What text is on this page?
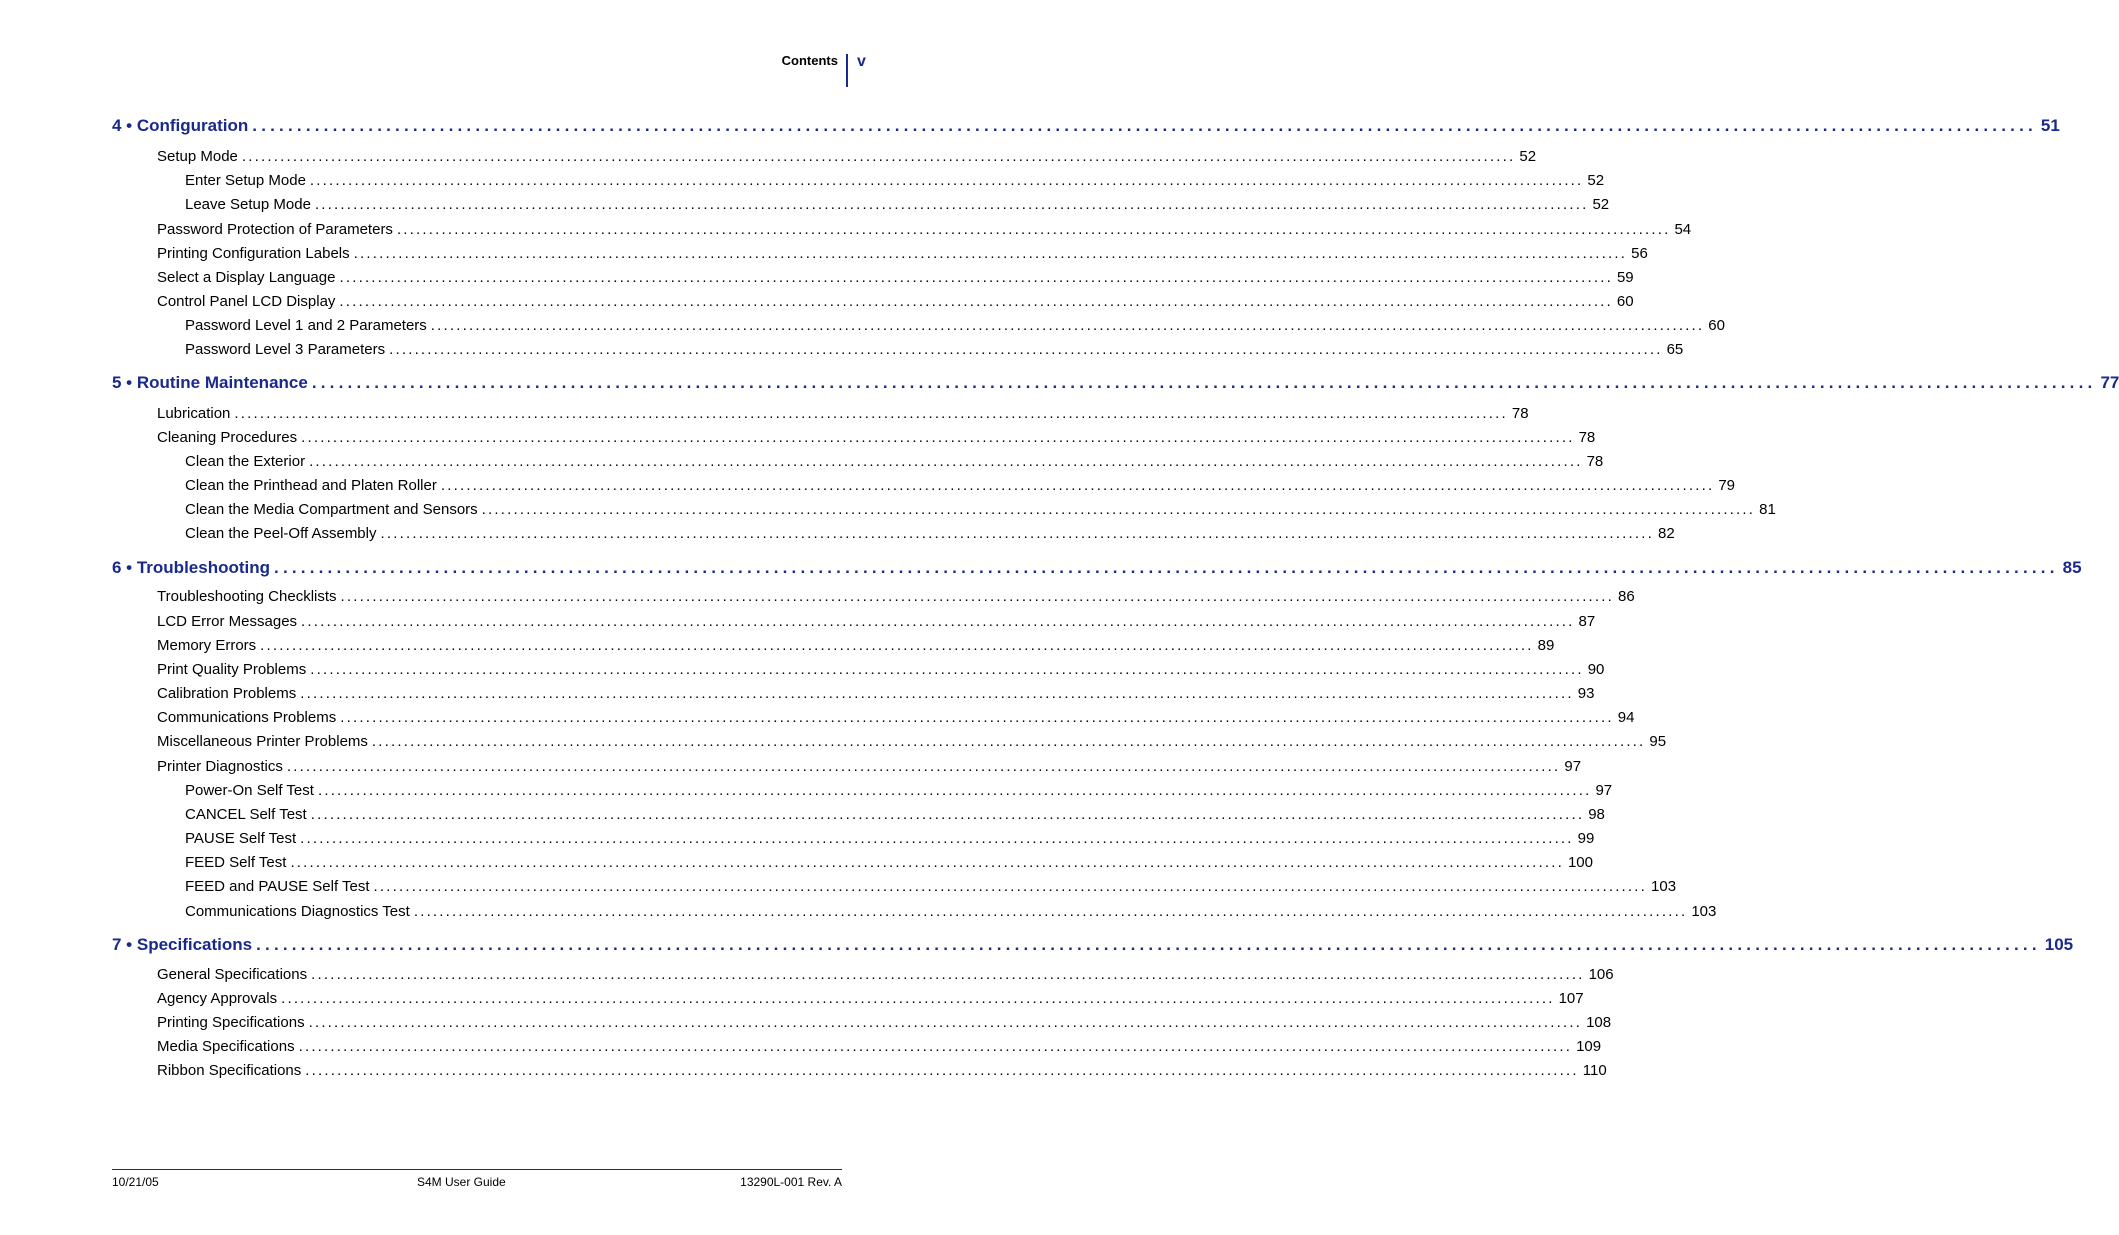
Contents v
4 • Configuration ........................................................................................................................................................................................................ 51
Setup Mode ........................................................................................................................................................................................................ 52
Enter Setup Mode ........................................................................................................................................................................................................ 52
Leave Setup Mode ........................................................................................................................................................................................................ 52
Password Protection of Parameters ........................................................................................................................................................................................................ 54
Printing Configuration Labels ........................................................................................................................................................................................................ 56
Select a Display Language ........................................................................................................................................................................................................ 59
Control Panel LCD Display ........................................................................................................................................................................................................ 60
Password Level 1 and 2 Parameters ........................................................................................................................................................................................................ 60
Password Level 3 Parameters ........................................................................................................................................................................................................ 65
5 • Routine Maintenance ........................................................................................................................................................................................................ 77
Lubrication ........................................................................................................................................................................................................ 78
Cleaning Procedures ........................................................................................................................................................................................................ 78
Clean the Exterior ........................................................................................................................................................................................................ 78
Clean the Printhead and Platen Roller ........................................................................................................................................................................................................ 79
Clean the Media Compartment and Sensors ........................................................................................................................................................................................................ 81
Clean the Peel-Off Assembly ........................................................................................................................................................................................................ 82
6 • Troubleshooting ........................................................................................................................................................................................................ 85
Troubleshooting Checklists ........................................................................................................................................................................................................ 86
LCD Error Messages ........................................................................................................................................................................................................ 87
Memory Errors ........................................................................................................................................................................................................ 89
Print Quality Problems ........................................................................................................................................................................................................ 90
Calibration Problems ........................................................................................................................................................................................................ 93
Communications Problems ........................................................................................................................................................................................................ 94
Miscellaneous Printer Problems ........................................................................................................................................................................................................ 95
Printer Diagnostics ........................................................................................................................................................................................................ 97
Power-On Self Test ........................................................................................................................................................................................................ 97
CANCEL Self Test ........................................................................................................................................................................................................ 98
PAUSE Self Test ........................................................................................................................................................................................................ 99
FEED Self Test ........................................................................................................................................................................................................ 100
FEED and PAUSE Self Test ........................................................................................................................................................................................................ 103
Communications Diagnostics Test ........................................................................................................................................................................................................ 103
7 • Specifications ........................................................................................................................................................................................................ 105
General Specifications ........................................................................................................................................................................................................ 106
Agency Approvals ........................................................................................................................................................................................................ 107
Printing Specifications ........................................................................................................................................................................................................ 108
Media Specifications ........................................................................................................................................................................................................ 109
Ribbon Specifications ........................................................................................................................................................................................................ 110
10/21/05	S4M User Guide	13290L-001 Rev. A
